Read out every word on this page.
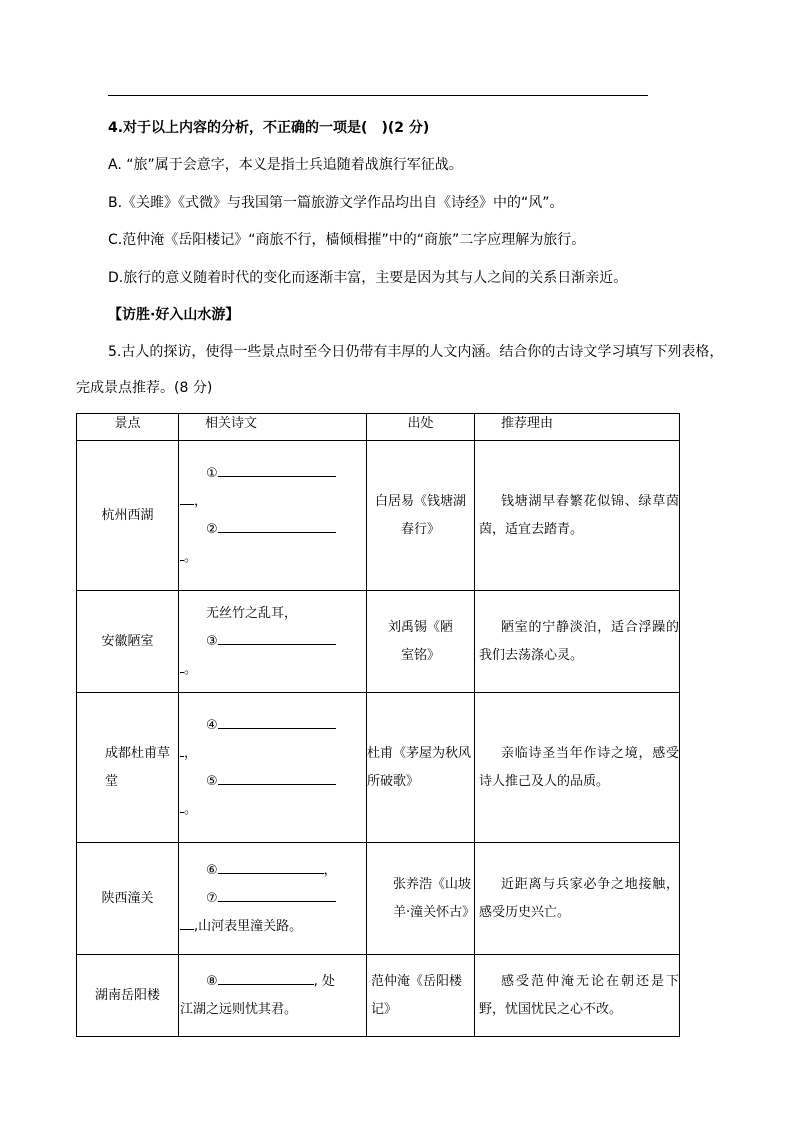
4.对于以上内容的分析，不正确的一项是(　)(2 分)
A. “旅”属于会意字，本义是指士兵追随着战旗行军征战。
B.《关雎》《式微》与我国第一篇旅游文学作品均出自《诗经》中的“风”。
C.范仲淹《岳阳楼记》“商旅不行，樯倾楫摧”中的“商旅”二字应理解为旅行。
D.旅行的意义随着时代的变化而逐渐丰富，主要是因为其与人之间的关系日渐亲近。
【访胜·好入山水游】
5.古人的探访，使得一些景点时至今日仍带有丰厚的人文内涵。结合你的古诗文学习填写下列表格，
完成景点推荐。(8 分)
景点	相关诗文	出处	推荐理由
杭州西湖	①
，
②
。	白居易《钱塘湖春行》	钱塘湖早春繁花似锦、绿草茵茵，适宜去踏青。
安徽陋室	无丝竹之乱耳，
③
。	刘禹锡《陋室铭》	陋室的宁静淡泊，适合浮躁的我们去荡涤心灵。
成都杜甫草堂	④
，
⑤
。	杜甫《茅屋为秋风所破歌》	亲临诗圣当年作诗之境，感受诗人推己及人的品质。
陕西潼关	⑥ ，
⑦
,山河表里潼关路。	张养浩《山坡羊·潼关怀古》	近距离与兵家必争之地接触，感受历史兴亡。
湖南岳阳楼	⑧ , 处
江湖之远则忧其君。	范仲淹《岳阳楼记》	感受范仲淹无论在朝还是下野，忧国忧民之心不改。
